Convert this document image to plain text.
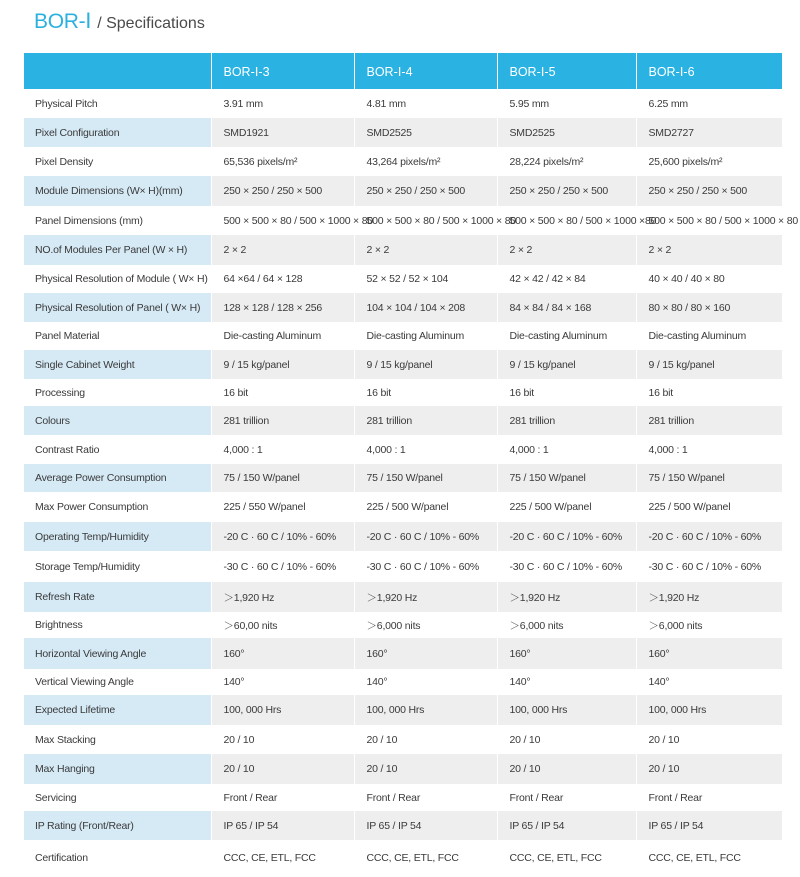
BOR-Ⅰ / Specifications

	BOR-Ⅰ-3	BOR-Ⅰ-4	BOR-Ⅰ-5	BOR-Ⅰ-6

Physical Pitch	3.91 mm	4.81 mm	5.95 mm	6.25 mm

Pixel Configuration	SMD1921	SMD2525	SMD2525	SMD2727

Pixel Density	65,536 pixels/m²	43,264 pixels/m²	28,224 pixels/m²	25,600 pixels/m²

Module Dimensions (W× H)(mm)	250 × 250 / 250 × 500	250 × 250 / 250 × 500	250 × 250 / 250 × 500	250 × 250 / 250 × 500

Panel Dimensions (mm)	500 × 500 × 80 / 500 × 1000 × 80	500 × 500 × 80 / 500 × 1000 × 80	500 × 500 × 80 / 500 × 1000 ×80	500 × 500 × 80 / 500 × 1000 × 80

NO.of Modules Per Panel (W × H)	2 × 2	2 × 2	2 × 2	2 × 2

Physical Resolution of Module ( W× H)	64 ×64 / 64 × 128	52 × 52 / 52 × 104	42 × 42 / 42 × 84	40 × 40 / 40 × 80

Physical Resolution of Panel ( W× H)	128 × 128 / 128 × 256	104 × 104 / 104 × 208	84 × 84 / 84 × 168	80 × 80 / 80 × 160

Panel Material	Die-casting Aluminum	Die-casting Aluminum	Die-casting Aluminum	Die-casting Aluminum

Single Cabinet Weight	9 / 15 kg/panel	9 / 15 kg/panel	9 / 15 kg/panel	9 / 15 kg/panel

Processing	16 bit	16 bit	16 bit	16 bit

Colours	281 trillion	281 trillion	281 trillion	281 trillion

Contrast Ratio	4,000 : 1	4,000 : 1	4,000 : 1	4,000 : 1

Average Power Consumption	75 / 150 W/panel	75 / 150 W/panel	75 / 150 W/panel	75 / 150 W/panel

Max Power Consumption	225 / 550 W/panel	225 / 500 W/panel	225 / 500 W/panel	225 / 500 W/panel

Operating Temp/Humidity	-20 C · 60 C / 10% - 60%	-20 C · 60 C / 10% - 60%	-20 C · 60 C / 10% - 60%	-20 C · 60 C / 10% - 60%

Storage Temp/Humidity	-30 C · 60 C / 10% - 60%	-30 C · 60 C / 10% - 60%	-30 C · 60 C / 10% - 60%	-30 C · 60 C / 10% - 60%

Refresh Rate	＞1,920 Hz	＞1,920 Hz	＞1,920 Hz	＞1,920 Hz

Brightness	＞60,00 nits	＞6,000 nits	＞6,000 nits	＞6,000 nits

Horizontal Viewing Angle	160°	160°	160°	160°

Vertical Viewing Angle	140°	140°	140°	140°

Expected Lifetime	100, 000 Hrs	100, 000 Hrs	100, 000 Hrs	100, 000 Hrs

Max Stacking	20 / 10	20 / 10	20 / 10	20 / 10

Max Hanging	20 / 10	20 / 10	20 / 10	20 / 10

Servicing	Front / Rear	Front / Rear	Front / Rear	Front / Rear

IP Rating (Front/Rear)	IP 65 / IP 54	IP 65 / IP 54	IP 65 / IP 54	IP 65 / IP 54

Certification	CCC, CE, ETL, FCC	CCC, CE, ETL, FCC	CCC, CE, ETL, FCC	CCC, CE, ETL, FCC
